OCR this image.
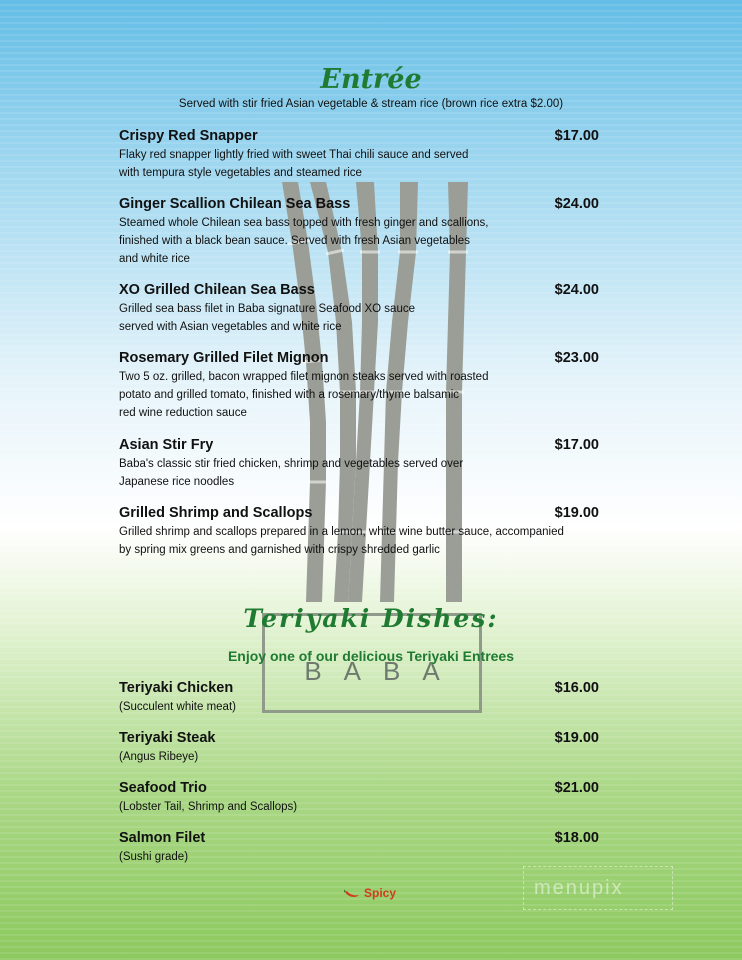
BABA
menupix
Entrée
Served with stir fried Asian vegetable & stream rice (brown rice extra $2.00)
Crispy Red Snapper	$17.00
Flaky red snapper lightly fried with sweet Thai chili sauce and served
with tempura style vegetables and steamed rice
Ginger Scallion Chilean Sea Bass	$24.00
Steamed whole Chilean sea bass topped with fresh ginger and scallions,
finished with a black bean sauce. Served with fresh Asian vegetables
and white rice
XO Grilled Chilean Sea Bass	$24.00
Grilled sea bass filet in Baba signature Seafood XO sauce
served with Asian vegetables and white rice
Rosemary Grilled Filet Mignon	$23.00
Two 5 oz. grilled, bacon wrapped filet mignon steaks served with roasted
potato and grilled tomato, finished with a rosemary/thyme balsamic
red wine reduction sauce
Asian Stir Fry	$17.00
Baba's classic stir fried chicken, shrimp and vegetables served over
Japanese rice noodles
Grilled Shrimp and Scallops	$19.00
Grilled shrimp and scallops prepared in a lemon, white wine butter sauce, accompanied
by spring mix greens and garnished with crispy shredded garlic
Teriyaki Dishes:
Enjoy one of our delicious Teriyaki Entrees
Teriyaki Chicken	$16.00
(Succulent white meat)
Teriyaki Steak	$19.00
(Angus Ribeye)
Seafood Trio	$21.00
(Lobster Tail, Shrimp and Scallops)
Salmon Filet	$18.00
(Sushi grade)
Spicy
